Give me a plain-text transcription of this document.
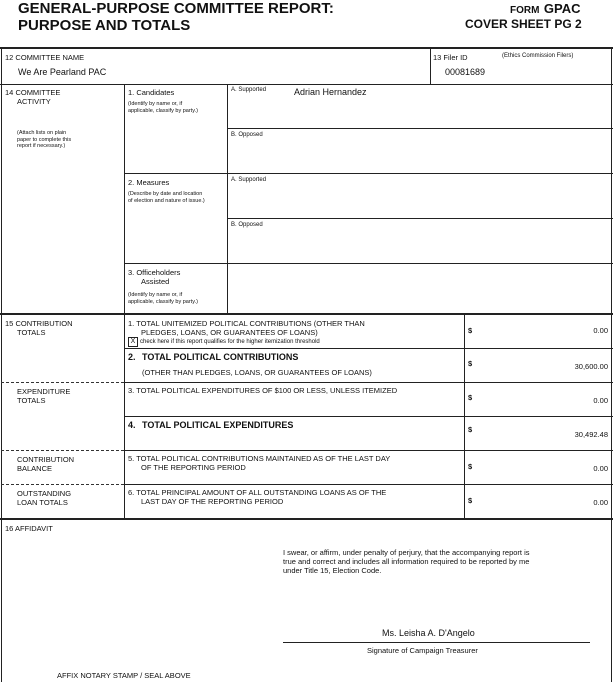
GENERAL-PURPOSE COMMITTEE REPORT:
PURPOSE AND TOTALS
FORM GPAC
COVER SHEET PG 2
12 COMMITTEE NAME
We Are Pearland PAC
13 Filer ID	(Ethics Commission Filers)
00081689
14 COMMITTEE
ACTIVITY
(Attach lists on plain
paper to complete this
report if necessary.)
1. Candidates
(Identify by name or, if
applicable, classify by party.)
A. Supported	Adrian Hernandez
B. Opposed
2. Measures
(Describe by date and location
of election and nature of issue.)
A. Supported
B. Opposed
3. Officeholders
Assisted
(Identify by name or, if
applicable, classify by party.)
15 CONTRIBUTION
TOTALS
EXPENDITURE
TOTALS
CONTRIBUTION
BALANCE
OUTSTANDING
LOAN TOTALS
1. TOTAL UNITEMIZED POLITICAL CONTRIBUTIONS (OTHER THAN
PLEDGES, LOANS, OR GUARANTEES OF LOANS)
X check here if this report qualifies for the higher itemization threshold
$	0.00
2. TOTAL POLITICAL CONTRIBUTIONS
(OTHER THAN PLEDGES, LOANS, OR GUARANTEES OF LOANS)
$	30,600.00
3. TOTAL POLITICAL EXPENDITURES OF $100 OR LESS, UNLESS ITEMIZED
$	0.00
4. TOTAL POLITICAL EXPENDITURES	$
30,492.48
5. TOTAL POLITICAL CONTRIBUTIONS MAINTAINED AS OF THE LAST DAY
OF THE REPORTING PERIOD	$	0.00
6. TOTAL PRINCIPAL AMOUNT OF ALL OUTSTANDING LOANS AS OF THE
LAST DAY OF THE REPORTING PERIOD	$	0.00
16 AFFIDAVIT
I swear, or affirm, under penalty of perjury, that the accompanying report is
true and correct and includes all information required to be reported by me
under Title 15, Election Code.
Ms. Leisha A. D'Angelo
Signature of Campaign Treasurer
AFFIX NOTARY STAMP / SEAL ABOVE
